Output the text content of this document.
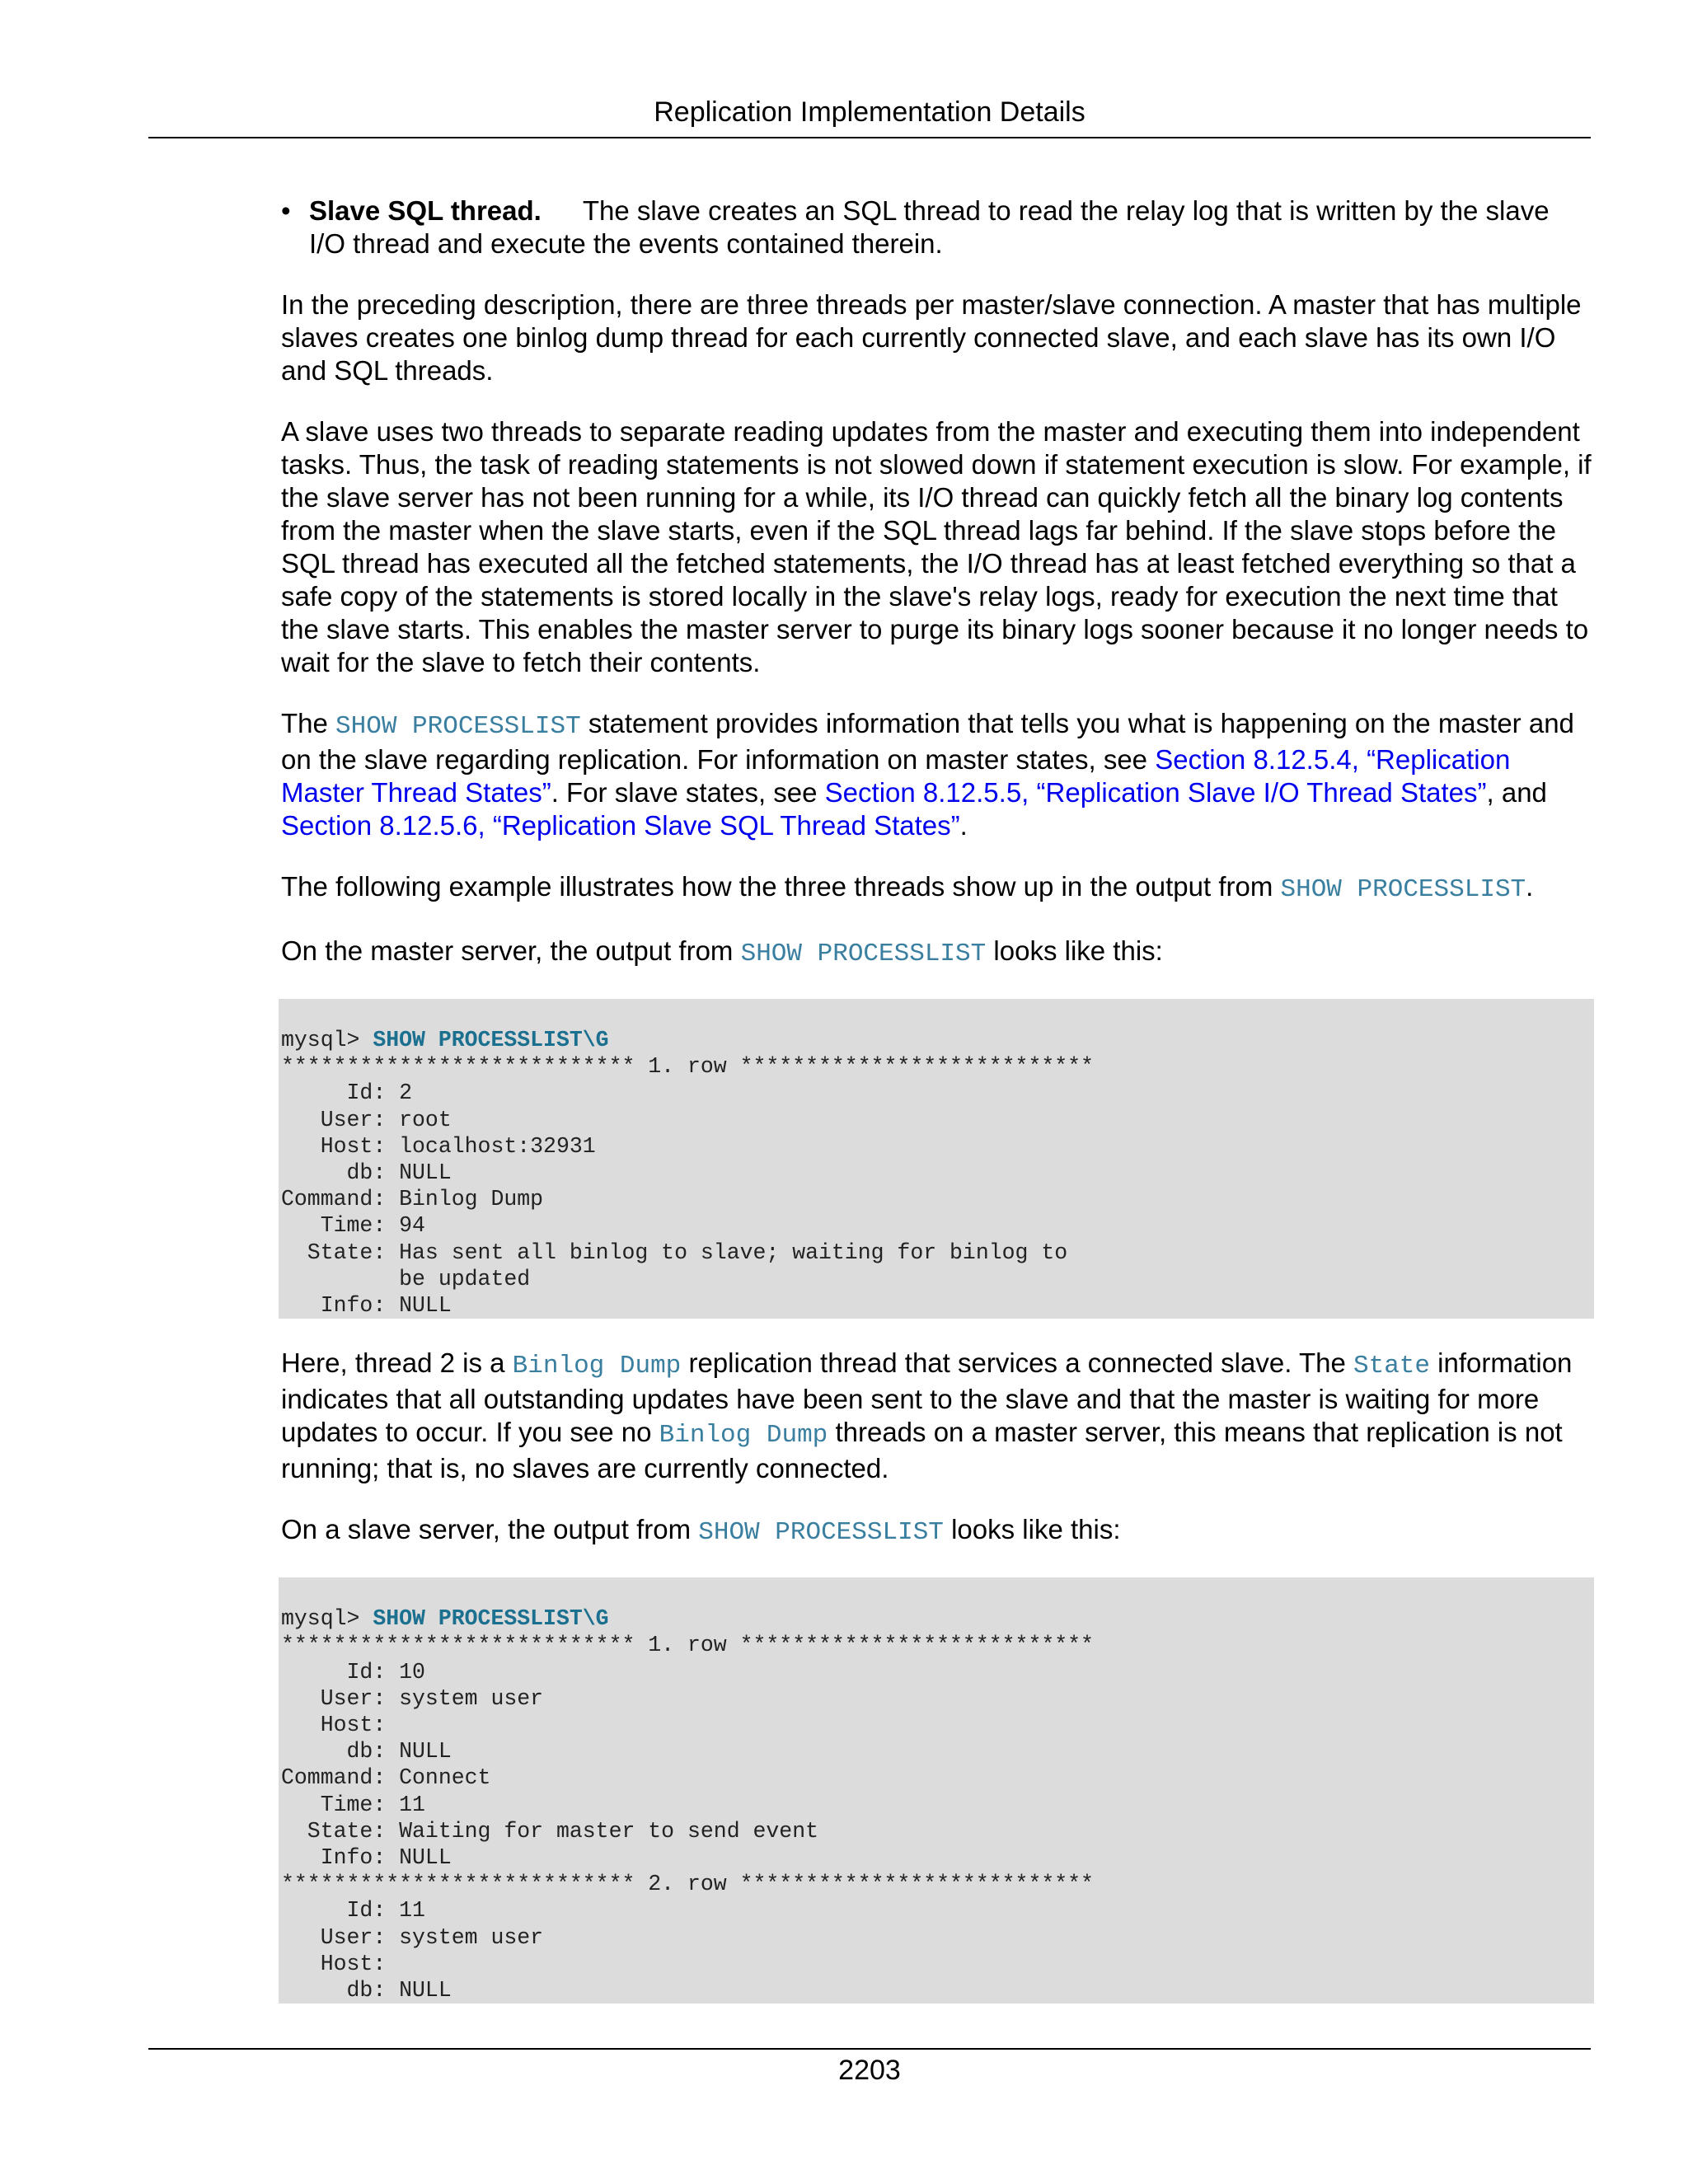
Replication Implementation Details
• Slave SQL thread. The slave creates an SQL thread to read the relay log that is written by the slave I/O thread and execute the events contained therein.

In the preceding description, there are three threads per master/slave connection. A master that has multiple slaves creates one binlog dump thread for each currently connected slave, and each slave has its own I/O and SQL threads.

A slave uses two threads to separate reading updates from the master and executing them into independent tasks. Thus, the task of reading statements is not slowed down if statement execution is slow. For example, if the slave server has not been running for a while, its I/O thread can quickly fetch all the binary log contents from the master when the slave starts, even if the SQL thread lags far behind. If the slave stops before the SQL thread has executed all the fetched statements, the I/O thread has at least fetched everything so that a safe copy of the statements is stored locally in the slave's relay logs, ready for execution the next time that the slave starts. This enables the master server to purge its binary logs sooner because it no longer needs to wait for the slave to fetch their contents.

The SHOW PROCESSLIST statement provides information that tells you what is happening on the master and on the slave regarding replication. For information on master states, see Section 8.12.5.4, “Replication Master Thread States”. For slave states, see Section 8.12.5.5, “Replication Slave I/O Thread States”, and Section 8.12.5.6, “Replication Slave SQL Thread States”.

The following example illustrates how the three threads show up in the output from SHOW PROCESSLIST.

On the master server, the output from SHOW PROCESSLIST looks like this:

mysql> SHOW PROCESSLIST\G
*************************** 1. row ***************************
Id: 2
User: root
Host: localhost:32931
db: NULL
Command: Binlog Dump
Time: 94
State: Has sent all binlog to slave; waiting for binlog to
be updated
Info: NULL

Here, thread 2 is a Binlog Dump replication thread that services a connected slave. The State information indicates that all outstanding updates have been sent to the slave and that the master is waiting for more updates to occur. If you see no Binlog Dump threads on a master server, this means that replication is not running; that is, no slaves are currently connected.

On a slave server, the output from SHOW PROCESSLIST looks like this:

mysql> SHOW PROCESSLIST\G
*************************** 1. row ***************************
Id: 10
User: system user
Host:
db: NULL
Command: Connect
Time: 11
State: Waiting for master to send event
Info: NULL
*************************** 2. row ***************************
Id: 11
User: system user
Host:
db: NULL
2203
